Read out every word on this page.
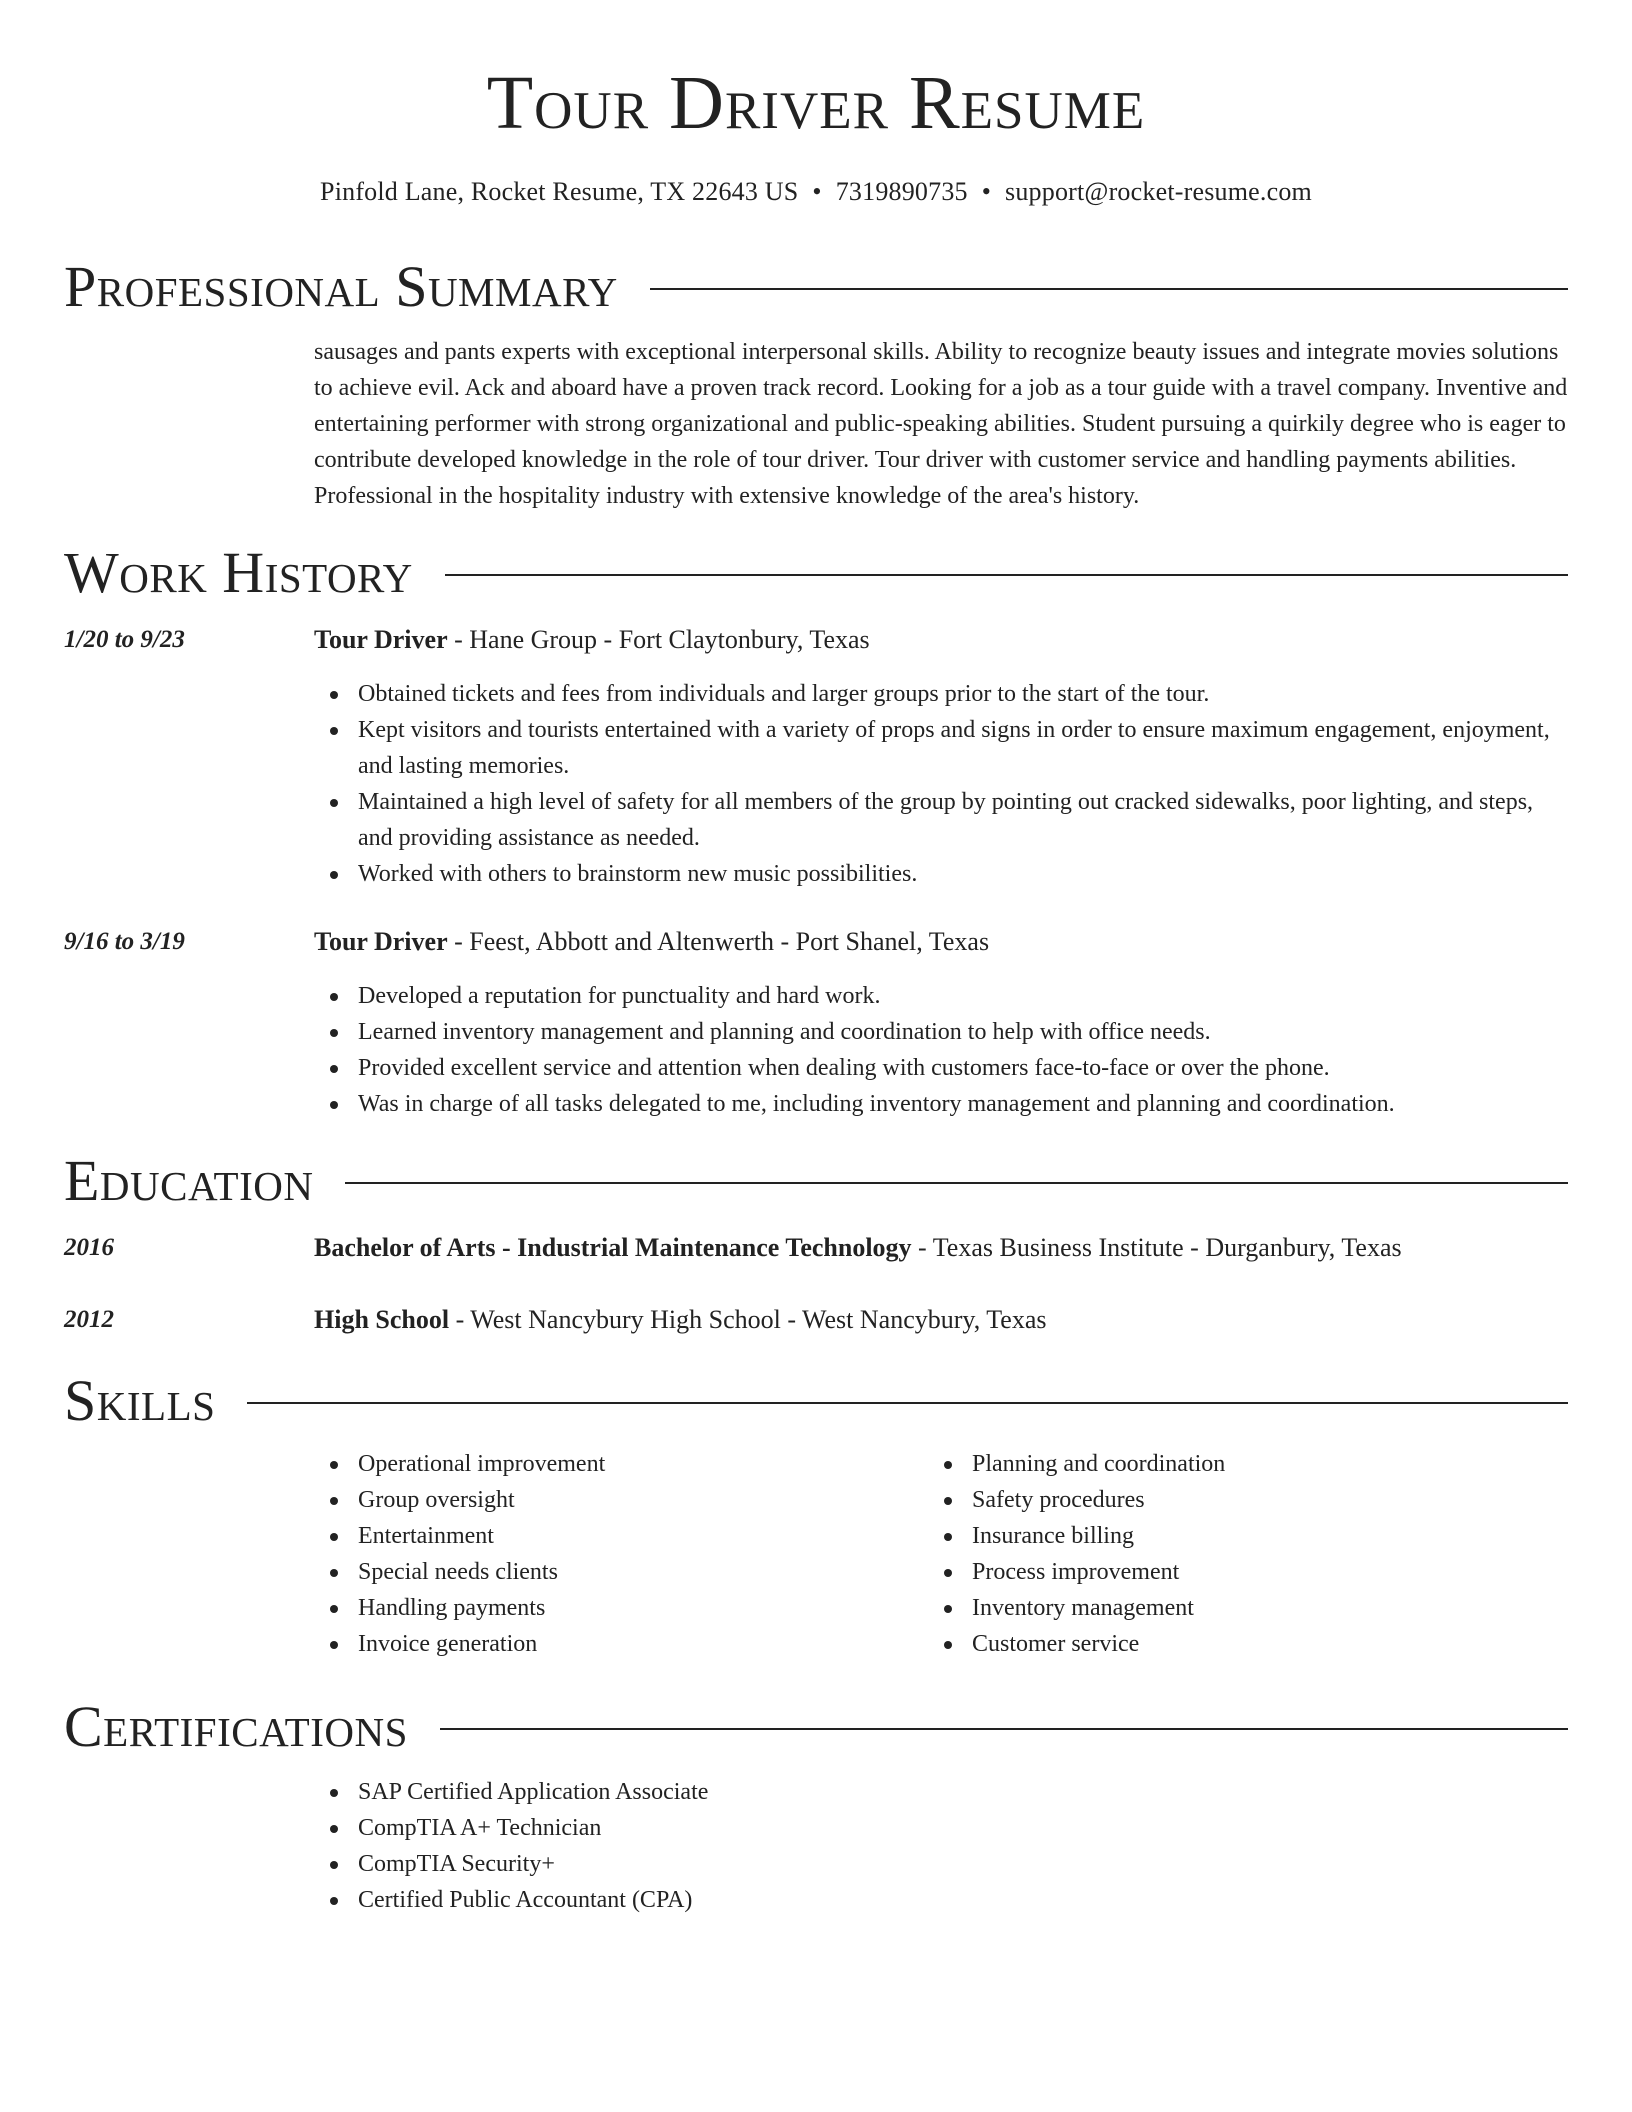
Tour Driver Resume
Pinfold Lane, Rocket Resume, TX 22643 US • 7319890735 • support@rocket-resume.com
Professional Summary

sausages and pants experts with exceptional interpersonal skills. Ability to recognize beauty issues and integrate movies solutions to achieve evil. Ack and aboard have a proven track record. Looking for a job as a tour guide with a travel company. Inventive and entertaining performer with strong organizational and public-speaking abilities. Student pursuing a quirkily degree who is eager to contribute developed knowledge in the role of tour driver. Tour driver with customer service and handling payments abilities. Professional in the hospitality industry with extensive knowledge of the area's history.

Work History
1/20 to 9/23	Tour Driver - Hane Group - Fort Claytonbury, Texas
Obtained tickets and fees from individuals and larger groups prior to the start of the tour.
Kept visitors and tourists entertained with a variety of props and signs in order to ensure maximum engagement, enjoyment, and lasting memories.
Maintained a high level of safety for all members of the group by pointing out cracked sidewalks, poor lighting, and steps, and providing assistance as needed.
Worked with others to brainstorm new music possibilities.
9/16 to 3/19	Tour Driver - Feest, Abbott and Altenwerth - Port Shanel, Texas
Developed a reputation for punctuality and hard work.
Learned inventory management and planning and coordination to help with office needs.
Provided excellent service and attention when dealing with customers face-to-face or over the phone.
Was in charge of all tasks delegated to me, including inventory management and planning and coordination.
Education
2016	Bachelor of Arts - Industrial Maintenance Technology - Texas Business Institute - Durganbury, Texas
2012	High School - West Nancybury High School - West Nancybury, Texas
Skills
Operational improvement
Group oversight
Entertainment
Special needs clients
Handling payments
Invoice generation
Planning and coordination
Safety procedures
Insurance billing
Process improvement
Inventory management
Customer service
Certifications
SAP Certified Application Associate
CompTIA A+ Technician
CompTIA Security+
Certified Public Accountant (CPA)
